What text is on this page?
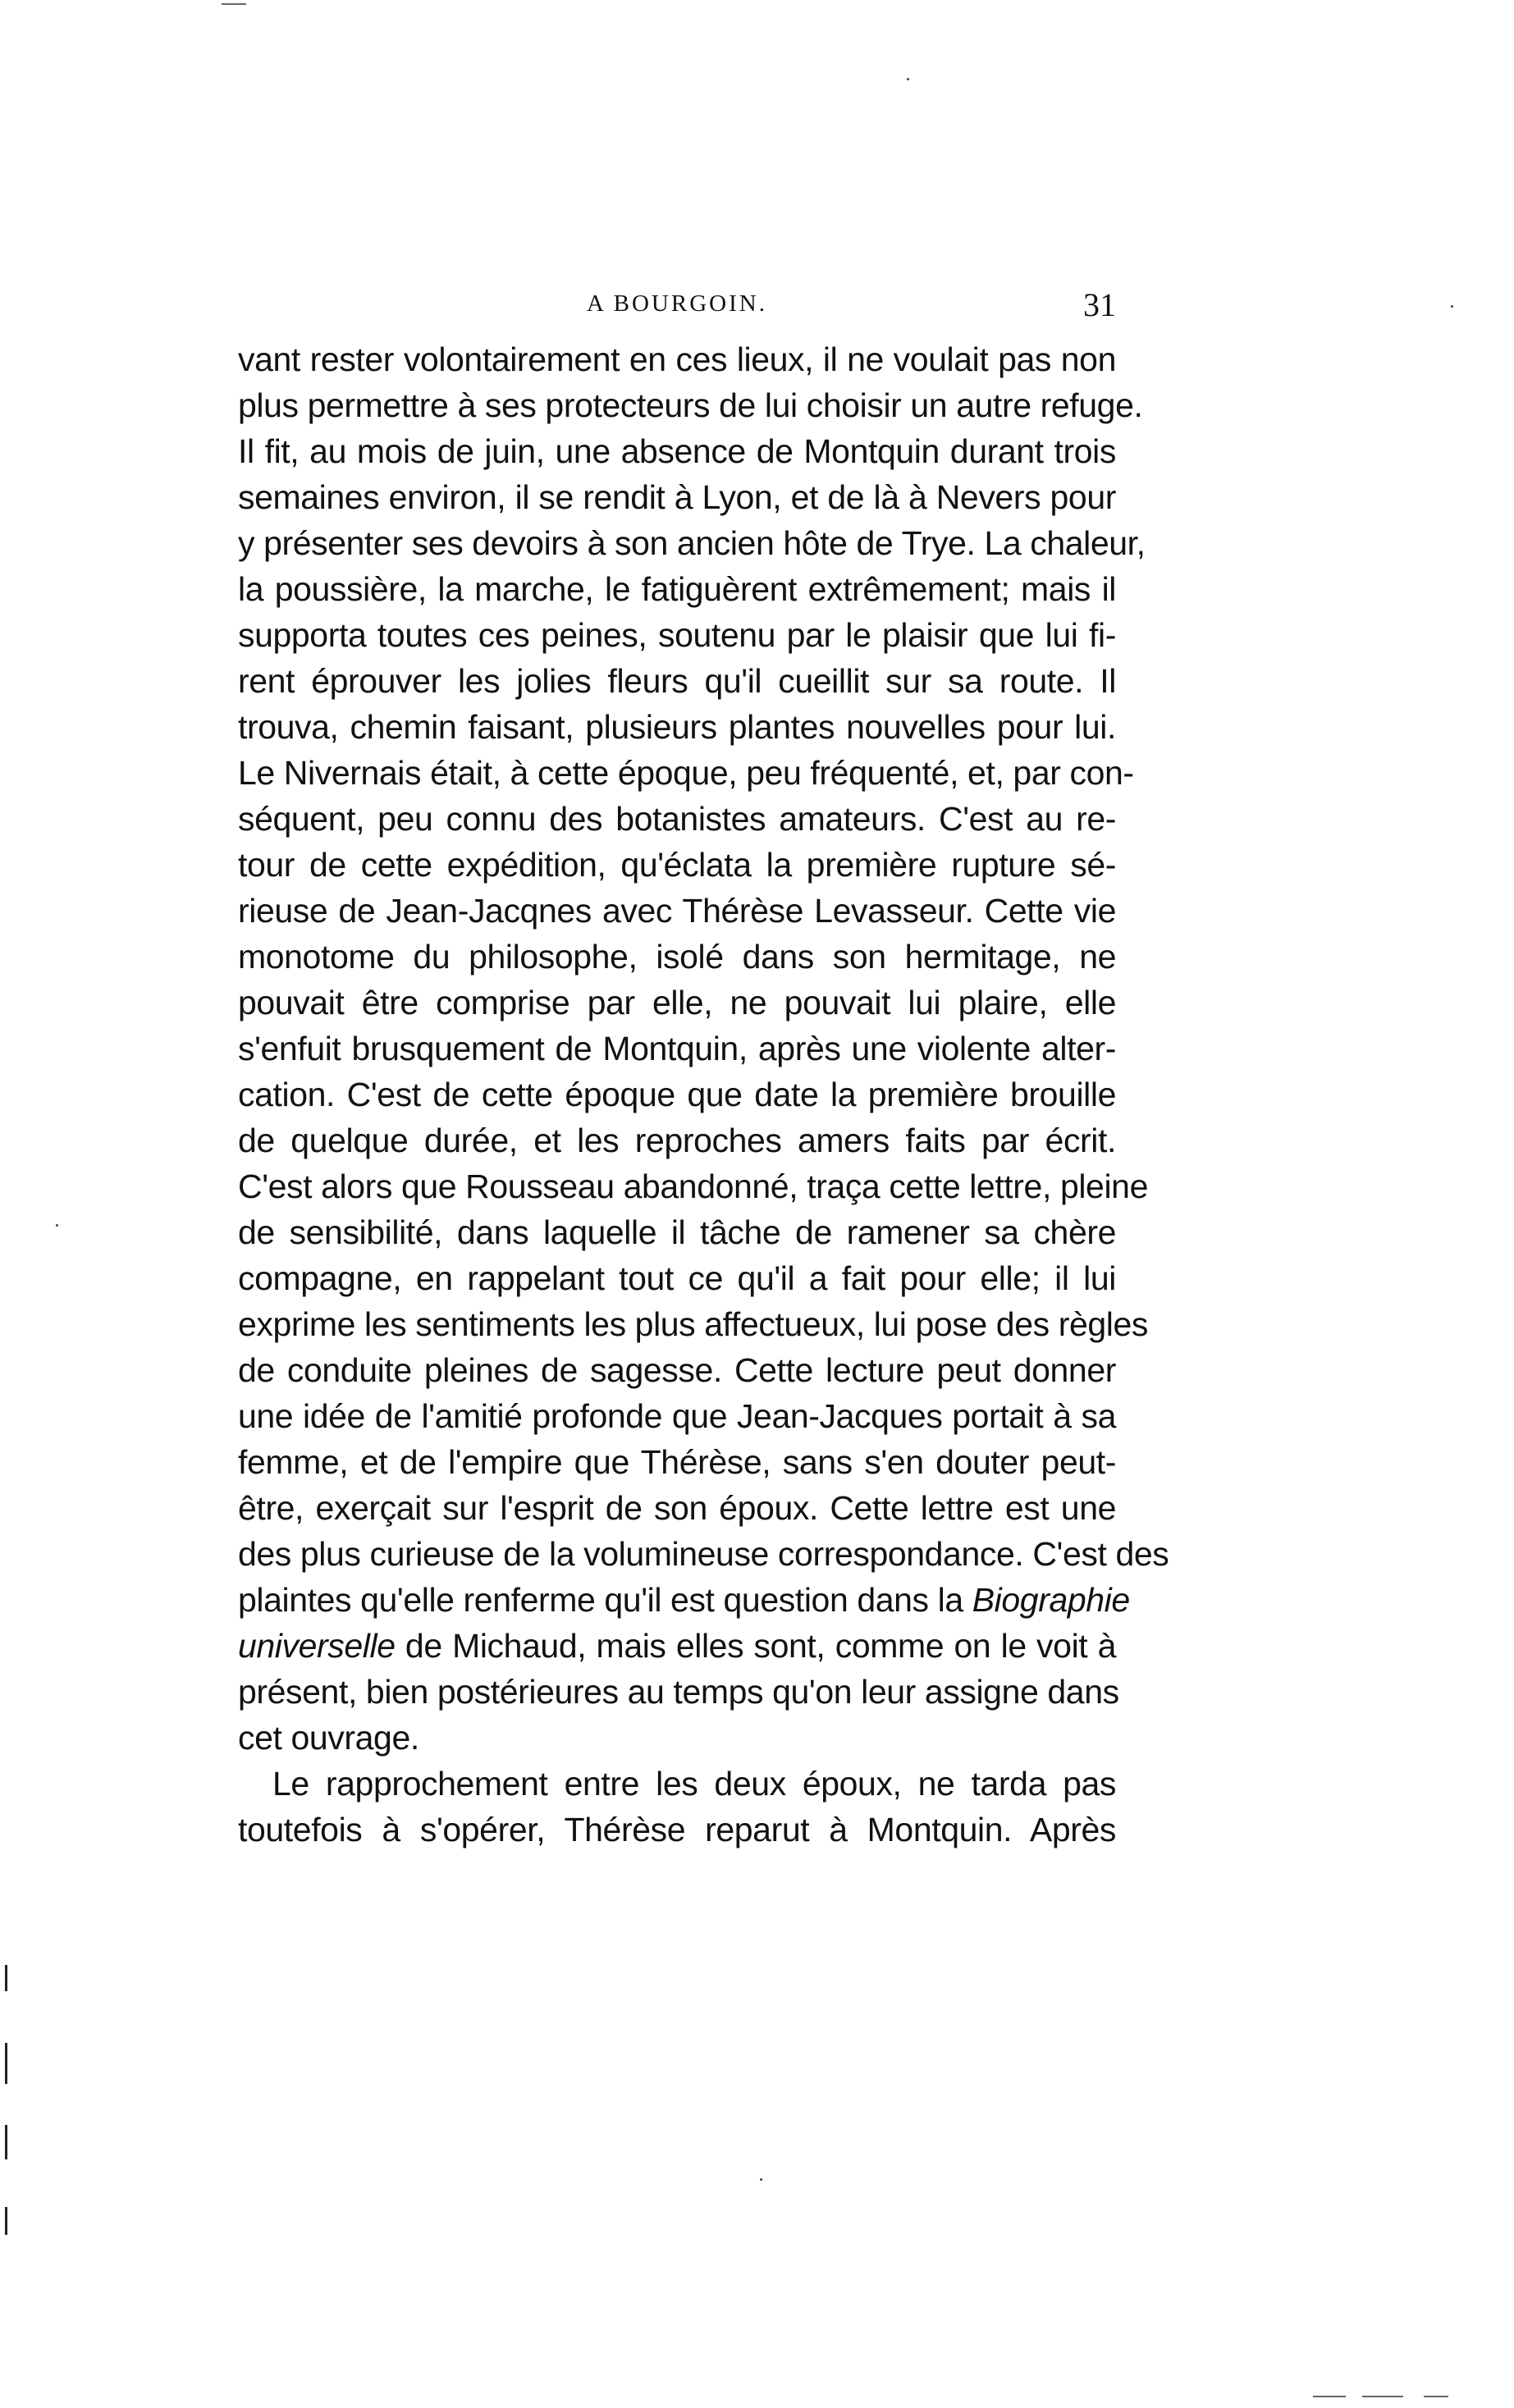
A BOURGOIN.	31
vant rester volontairement en ces lieux, il ne voulait pas non
plus permettre à ses protecteurs de lui choisir un autre refuge.
Il fit, au mois de juin, une absence de Montquin durant trois
semaines environ, il se rendit à Lyon, et de là à Nevers pour
y présenter ses devoirs à son ancien hôte de Trye. La chaleur,
la poussière, la marche, le fatiguèrent extrêmement; mais il
supporta toutes ces peines, soutenu par le plaisir que lui fi-
rent éprouver les jolies fleurs qu'il cueillit sur sa route. Il
trouva, chemin faisant, plusieurs plantes nouvelles pour lui.
Le Nivernais était, à cette époque, peu fréquenté, et, par con-
séquent, peu connu des botanistes amateurs. C'est au re-
tour de cette expédition, qu'éclata la première rupture sé-
rieuse de Jean-Jacqnes avec Thérèse Levasseur. Cette vie
monotome du philosophe, isolé dans son hermitage, ne
pouvait être comprise par elle, ne pouvait lui plaire, elle
s'enfuit brusquement de Montquin, après une violente alter-
cation. C'est de cette époque que date la première brouille
de quelque durée, et les reproches amers faits par écrit.
C'est alors que Rousseau abandonné, traça cette lettre, pleine
de sensibilité, dans laquelle il tâche de ramener sa chère
compagne, en rappelant tout ce qu'il a fait pour elle; il lui
exprime les sentiments les plus affectueux, lui pose des règles
de conduite pleines de sagesse. Cette lecture peut donner
une idée de l'amitié profonde que Jean-Jacques portait à sa
femme, et de l'empire que Thérèse, sans s'en douter peut-
être, exerçait sur l'esprit de son époux. Cette lettre est une
des plus curieuse de la volumineuse correspondance. C'est des
plaintes qu'elle renferme qu'il est question dans la Biographie
universelle de Michaud, mais elles sont, comme on le voit à
présent, bien postérieures au temps qu'on leur assigne dans
cet ouvrage.
Le rapprochement entre les deux époux, ne tarda pas
toutefois à s'opérer, Thérèse reparut à Montquin. Après
